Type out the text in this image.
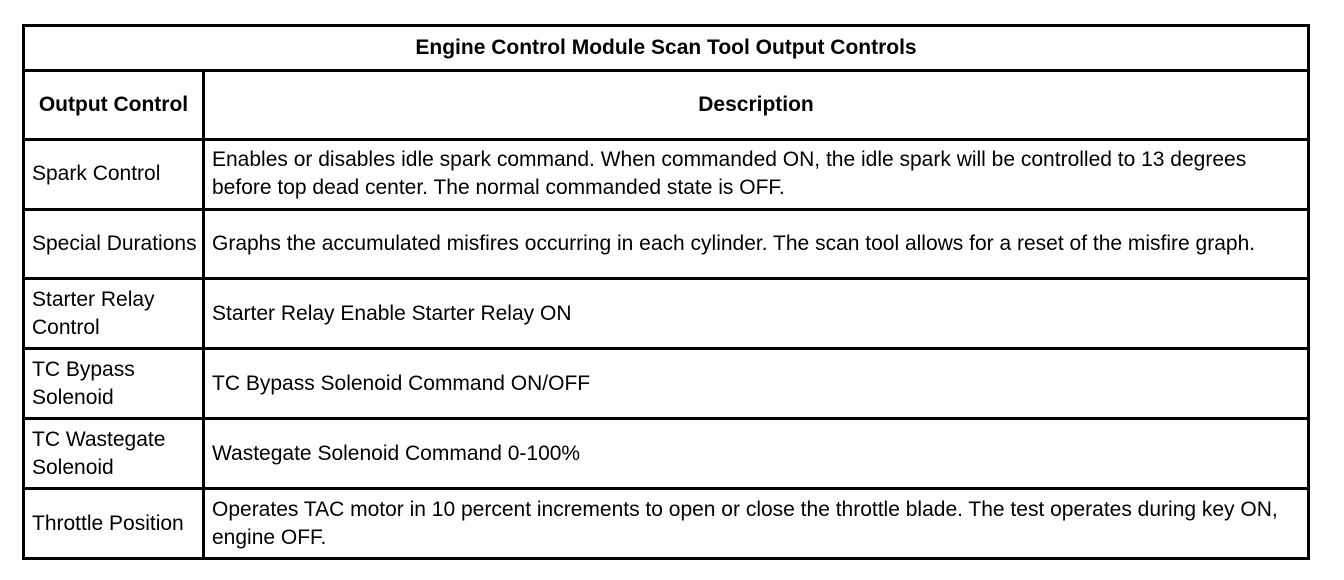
Engine Control Module Scan Tool Output Controls	
Output Control	Description
Spark Control	Enables or disables idle spark command. When commanded ON, the idle spark will be controlled to 13 degrees before top dead center. The normal commanded state is OFF.
Special Durations	Graphs the accumulated misfires occurring in each cylinder. The scan tool allows for a reset of the misfire graph.
Starter Relay Control	Starter Relay Enable Starter Relay ON
TC Bypass Solenoid	TC Bypass Solenoid Command ON/OFF
TC Wastegate Solenoid	Wastegate Solenoid Command 0-100%
Throttle Position	Operates TAC motor in 10 percent increments to open or close the throttle blade. The test operates during key ON, engine OFF.
